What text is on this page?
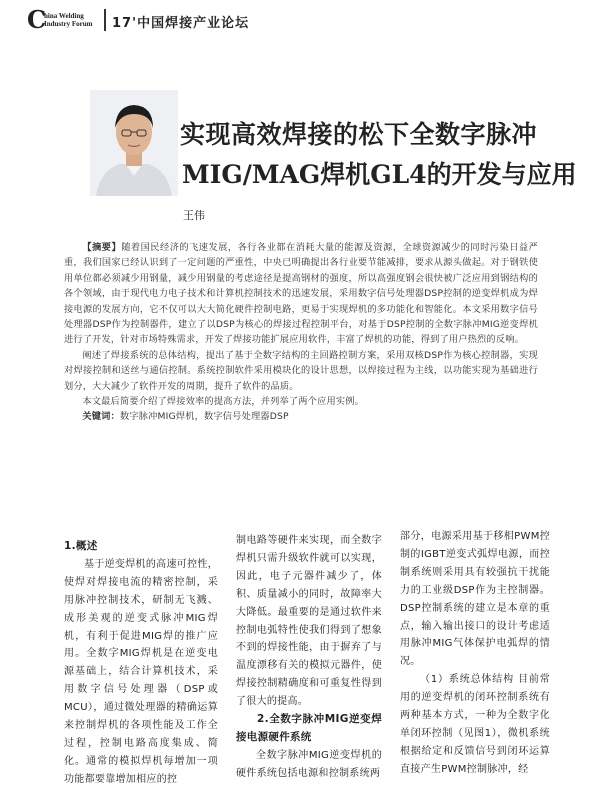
C
hina Welding
Industry Forum 17'中国焊接产业论坛
实现高效焊接的松下全数字脉冲
MIG/MAG焊机GL4的开发与应用
王伟

【摘要】随着国民经济的飞速发展，各行各业都在消耗大量的能源及资源，全球资源减少的同时污染日益严重，我们国家已经认识到了一定问题的严重性，中央已明确提出各行业要节能减排，要求从源头做起。对于钢铁使用单位都必须减少用钢量，减少用钢量的考虑途径是提高钢材的强度，所以高强度钢会很快被广泛应用到钢结构的各个领域，由于现代电力电子技术和计算机控制技术的迅速发展，采用数字信号处理器DSP控制的逆变焊机成为焊接电源的发展方向，它不仅可以大大简化硬件控制电路，更易于实现焊机的多功能化和智能化。本文采用数字信号处理器DSP作为控制器件，建立了以DSP为核心的焊接过程控制平台，对基于DSP控制的全数字脉冲MIG逆变焊机进行了开发，针对市场特殊需求，开发了焊接功能扩展应用软件，丰富了焊机的功能，得到了用户热烈的反响。

阐述了焊接系统的总体结构，提出了基于全数字结构的主回路控制方案，采用双核DSP作为核心控制器，实现对焊接控制和送丝与通信控制。系统控制软件采用模块化的设计思想，以焊接过程为主线，以功能实现为基础进行划分，大大减少了软件开发的周期，提升了软件的品质。

本文最后简要介绍了焊接效率的提高方法，并列举了两个应用实例。

关键词：数字脉冲MIG焊机，数字信号处理器DSP

1.概述

基于逆变焊机的高速可控性，使焊对焊接电流的精密控制，采用脉冲控制技术，研制无飞溅、成形美观的逆变式脉冲MIG焊机，有利于促进MIG焊的推广应用。全数字MIG焊机是在逆变电源基础上，结合计算机技术，采用数字信号处理器（DSP或MCU），通过微处理器的精确运算来控制焊机的各项性能及工作全过程，控制电路高度集成、简化。通常的模拟焊机每增加一项功能都要靠增加相应的控

制电路等硬件来实现，而全数字焊机只需升级软件就可以实现，因此，电子元器件减少了，体积、质量减小的同时，故障率大大降低。最重要的是通过软件来控制电弧特性使我们得到了想象不到的焊接性能，由于摒弃了与温度漂移有关的模拟元器件，使焊接控制精确度和可重复性得到了很大的提高。

2.全数字脉冲MIG逆变焊接电源硬件系统

全数字脉冲MIG逆变焊机的硬件系统包括电源和控制系统两

部分，电源采用基于移相PWM控制的IGBT逆变式弧焊电源，而控制系统则采用具有较强抗干扰能力的工业级DSP作为主控制器。DSP控制系统的建立是本章的重点，输入输出接口的设计考虑适用脉冲MIG气体保护电弧焊的情况。

（1）系统总体结构 目前常用的逆变焊机的闭环控制系统有两种基本方式，一种为全数字化单闭环控制（见图1），微机系统根据给定和反馈信号到闭环运算直接产生PWM控制脉冲，经
